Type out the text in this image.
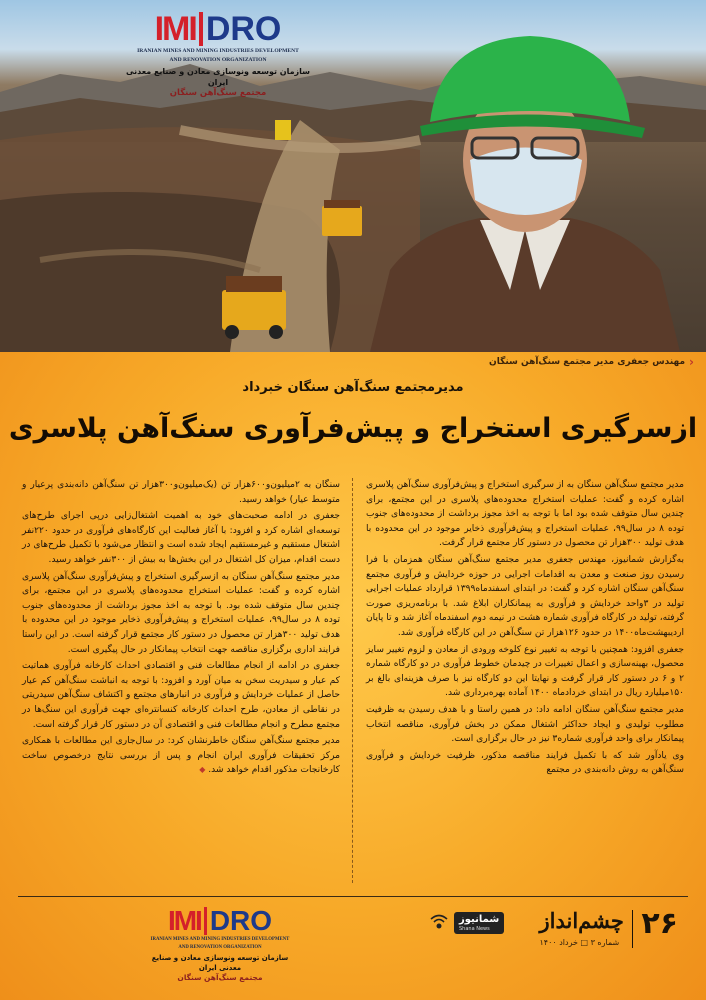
IMI DRO
IRANIAN MINES AND MINING INDUSTRIES DEVELOPMENT
AND RENOVATION ORGANIZATION
سازمان توسعه ونوسازی معادن و صنایع معدنی ایران
مجتمع سنگ‌آهن سنگان
‹
مهندس جعفری مدیر مجتمع سنگ‌آهن سنگان
مدیرمجتمع سنگ‌آهن سنگان خبرداد
ازسرگیری استخراج و پیش‌فرآوری سنگ‌آهن پلاسری

مدیر مجتمع سنگ‌آهن سنگان به از سرگیری استخراج و پیش‌فرآوری سنگ‌آهن پلاسری اشاره کرده و گفت: عملیات استخراج محدوده‌های پلاسری در این مجتمع، برای چندین سال متوقف شده بود اما با توجه به اخذ مجوز برداشت از محدوده‌های جنوب توده ۸ در سال۹۹، عملیات استخراج و پیش‌فرآوری ذخایر موجود در این محدوده با هدف تولید ۳۰۰هزار تن محصول در دستور کار مجتمع قرار گرفت.

به‌گزارش شمانیوز، مهندس جعفری مدیر مجتمع سنگ‌آهن سنگان همزمان با فرا رسیدن روز صنعت و معدن به اقدامات اجرایی در حوزه خردایش و فرآوری مجتمع سنگ‌آهن سنگان اشاره کرد و گفت: در ابتدای اسفندماه۱۳۹۹ قرارداد عملیات اجرایی تولید در ۳واحد خردایش و فرآوری به پیمانکاران ابلاغ شد. با برنامه‌ریزی صورت گرفته، تولید در کارگاه فرآوری شماره هشت در نیمه دوم اسفندماه آغاز شد و تا پایان اردیبهشت‌ماه۱۴۰۰ در حدود ۱۲۶هزار تن سنگ‌آهن در این کارگاه فرآوری شد.

جعفری افزود: همچنین با توجه به تغییر نوع کلوخه ورودی از معادن و لزوم تغییر سایز محصول، بهینه‌سازی و اعمال تغییرات در چیدمان خطوط فرآوری در دو کارگاه شماره ۲ و ۶ در دستور کار قرار گرفت و نهایتا این دو کارگاه نیز با صرف هزینه‌ای بالغ بر ۱۵۰میلیارد ریال در ابتدای خردادماه ۱۴۰۰ آماده بهره‌برداری شد.

مدیر مجتمع سنگ‌آهن سنگان ادامه داد: در همین راستا و با هدف رسیدن به ظرفیت مطلوب تولیدی و ایجاد حداکثر اشتغال ممکن در بخش فرآوری، مناقصه انتخاب پیمانکار برای واحد فرآوری شماره۳ نیز در حال برگزاری است.

وی یادآور شد که با تکمیل فرایند مناقصه مذکور، ظرفیت خردایش و فرآوری سنگ‌آهن به روش دانه‌بندی در مجتمع

سنگان به ۲میلیون‌و۶۰۰هزار تن (یک‌میلیون‌و۳۰۰هزار تن سنگ‌آهن دانه‌بندی پرعیار و متوسط عیار) خواهد رسید.

جعفری در ادامه صحبت‌های خود به اهمیت اشتغال‌زایی درپی اجرای طرح‌های توسعه‌ای اشاره کرد و افزود: با آغاز فعالیت این کارگاه‌های فرآوری در حدود ۲۲۰نفر اشتغال مستقیم و غیرمستقیم ایجاد شده است و انتظار می‌شود با تکمیل طرح‌های در دست اقدام، میزان کل اشتغال در این بخش‌ها به بیش از ۳۰۰نفر خواهد رسید.

مدیر مجتمع سنگ‌آهن سنگان به ازسرگیری استخراج و پیش‌فرآوری سنگ‌آهن پلاسری اشاره کرده و گفت: عملیات استخراج محدوده‌های پلاسری در این مجتمع، برای چندین سال متوقف شده بود. با توجه به اخذ مجوز برداشت از محدوده‌های جنوب توده ۸ در سال۹۹، عملیات استخراج و پیش‌فرآوری ذخایر موجود در این محدوده با هدف تولید ۳۰۰هزار تن محصول در دستور کار مجتمع قرار گرفته است. در این راستا فرایند اداری برگزاری مناقصه جهت انتخاب پیمانکار در حال پیگیری است.

جعفری در ادامه از انجام مطالعات فنی و اقتصادی احداث کارخانه فرآوری هماتیت کم عیار و سیدریت سخن به میان آورد و افزود: با توجه به انباشت سنگ‌آهن کم عیار حاصل از عملیات خردایش و فرآوری در انبارهای مجتمع و اکتشاف سنگ‌آهن سیدریتی در نقاطی از معادن، طرح احداث کارخانه کنسانتره‌ای جهت فرآوری این سنگ‌ها در مجتمع مطرح و انجام مطالعات فنی و اقتصادی آن در دستور کار قرار گرفته است.

مدیر مجتمع سنگ‌آهن سنگان خاطرنشان کرد: در سال‌جاری این مطالعات با همکاری مرکز تحقیقات فرآوری ایران انجام و پس از بررسی نتایج درخصوص ساخت کارخانجات مذکور اقدام خواهد شد. ◆

IMI DRO
IRANIAN MINES AND MINING INDUSTRIES DEVELOPMENT
AND RENOVATION ORGANIZATION
سازمان توسعه ونوسازی معادن و صنایع معدنی ایران
مجتمع سنگ‌آهن سنگان
شمانیوز
Shana News	۲۶
چشم‌انداز
شماره ۳ □ خرداد ۱۴۰۰
